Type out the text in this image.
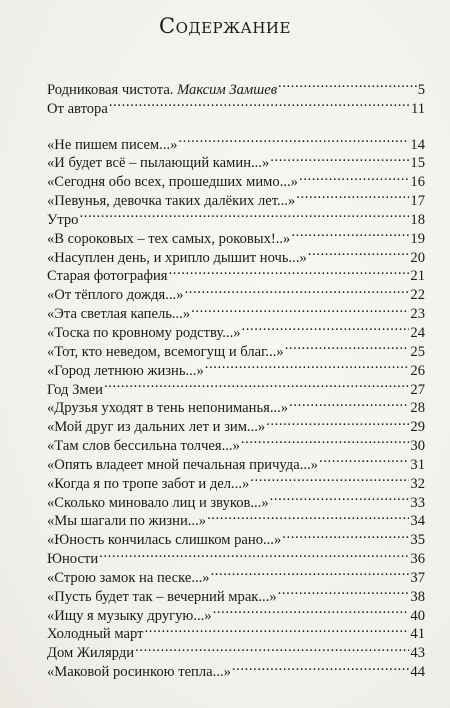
Содержание
Родниковая чистота. Максим Замшев .....	5
От автора .....	11
«Не пишем писем...» .....	14
«И будет всё – пылающий камин...» .....	15
«Сегодня обо всех, прошедших мимо...» .....	16
«Певунья, девочка таких далёких лет...» .....	17
Утро .....	18
«В сороковых – тех самых, роковых!..» .....	19
«Насуплен день, и хрипло дышит ночь...» .....	20
Старая фотография .....	21
«От тёплого дождя...» .....	22
«Эта светлая капель...» .....	23
«Тоска по кровному родству...» .....	24
«Тот, кто неведом, всемогущ и благ...» .....	25
«Город летнюю жизнь...» .....	26
Год Змеи .....	27
«Друзья уходят в тень непониманья...» .....	28
«Мой друг из дальних лет и зим...» .....	29
«Там слов бессильна толчея...» .....	30
«Опять владеет мной печальная причуда...» .....	31
«Когда я по тропе забот и дел...» .....	32
«Сколько миновало лиц и звуков...» .....	33
«Мы шагали по жизни...» .....	34
«Юность кончилась слишком рано...» .....	35
Юности .....	36
«Строю замок на песке...» .....	37
«Пусть будет так – вечерний мрак...» .....	38
«Ищу я музыку другую...» .....	40
Холодный март .....	41
Дом Жилярди .....	43
«Маковой росинкою тепла...» .....	44
